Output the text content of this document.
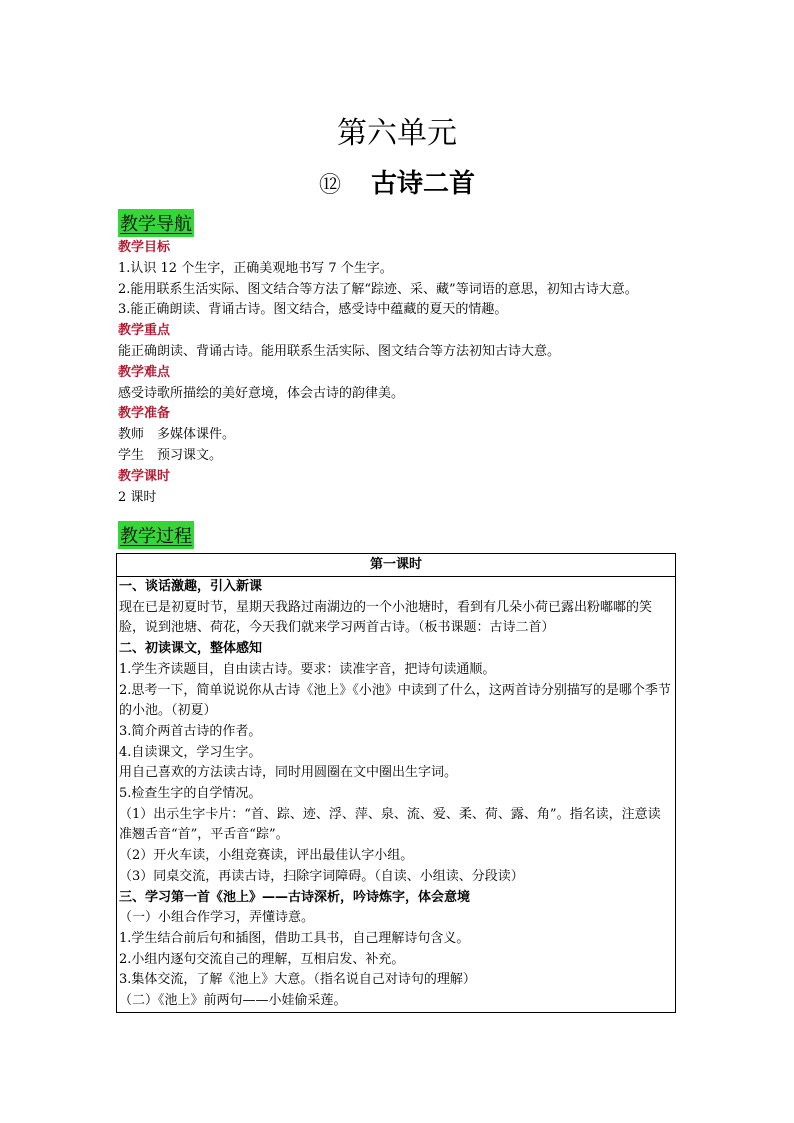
第六单元
⑫ 古诗二首
教学导航

教学目标

1.认识 12 个生字，正确美观地书写 7 个生字。

2.能用联系生活实际、图文结合等方法了解“踪迹、采、藏”等词语的意思，初知古诗大意。

3.能正确朗读、背诵古诗。图文结合，感受诗中蕴藏的夏天的情趣。

教学重点

能正确朗读、背诵古诗。能用联系生活实际、图文结合等方法初知古诗大意。

教学难点

感受诗歌所描绘的美好意境，体会古诗的韵律美。

教学准备

教师　多媒体课件。

学生　预习课文。

教学课时

2 课时

教学过程
第一课时

一、谈话激趣，引入新课

现在已是初夏时节，星期天我路过南湖边的一个小池塘时，看到有几朵小荷已露出粉嘟嘟的笑脸，说到池塘、荷花，今天我们就来学习两首古诗。（板书课题：古诗二首）

二、初读课文，整体感知

1.学生齐读题目，自由读古诗。要求：读准字音，把诗句读通顺。

2.思考一下，简单说说你从古诗《池上》《小池》中读到了什么，这两首诗分别描写的是哪个季节的小池。（初夏）

3.简介两首古诗的作者。

4.自读课文，学习生字。

用自己喜欢的方法读古诗，同时用圆圈在文中圈出生字词。

5.检查生字的自学情况。

（1）出示生字卡片：“首、踪、迹、浮、萍、泉、流、爱、柔、荷、露、角”。指名读，注意读准翘舌音“首”，平舌音“踪”。

（2）开火车读，小组竞赛读，评出最佳认字小组。

（3）同桌交流，再读古诗，扫除字词障碍。（自读、小组读、分段读）

三、学习第一首《池上》——古诗深析，吟诗炼字，体会意境

（一）小组合作学习，弄懂诗意。

1.学生结合前后句和插图，借助工具书，自己理解诗句含义。

2.小组内逐句交流自己的理解，互相启发、补充。

3.集体交流，了解《池上》大意。（指名说自己对诗句的理解）

（二）《池上》前两句——小娃偷采莲。
